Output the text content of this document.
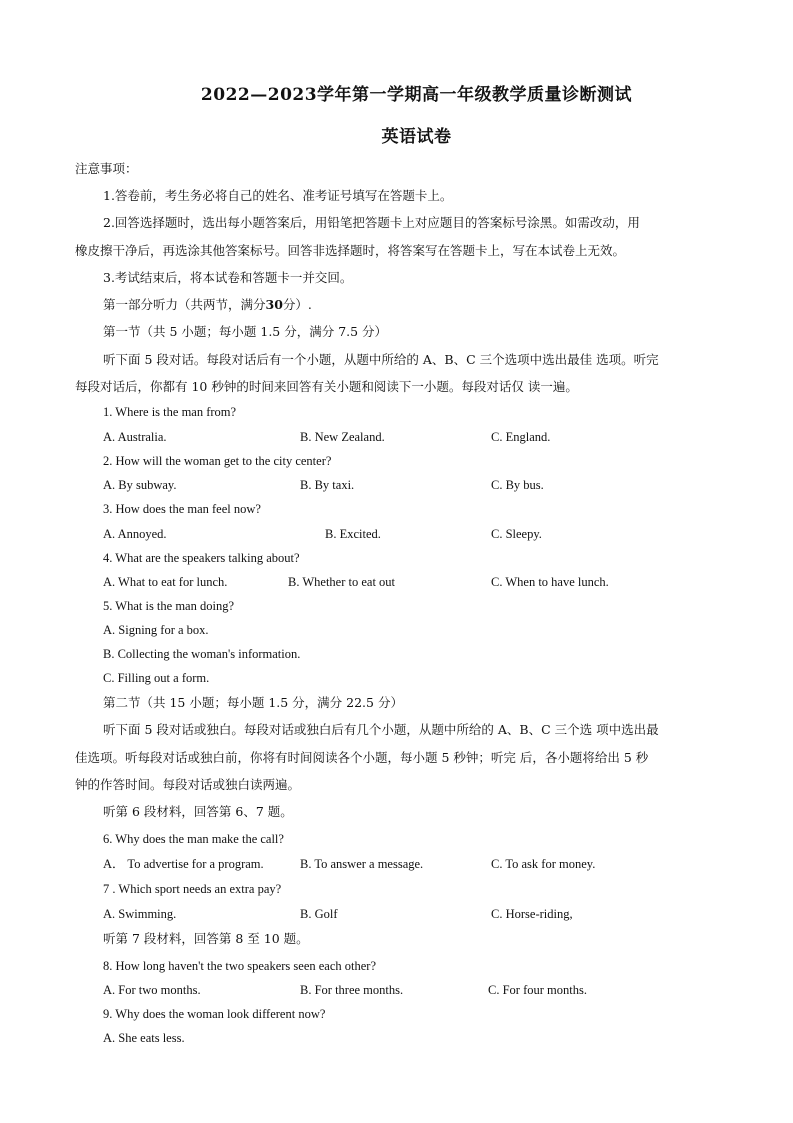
2022—2023学年第一学期高一年级教学质量诊断测试
英语试卷
注意事项：
1.答卷前，考生务必将自己的姓名、准考证号填写在答题卡上。
2.回答选择题时，选出每小题答案后，用铅笔把答题卡上对应题目的答案标号涂黑。如需改动，用
橡皮擦干净后，再选涂其他答案标号。回答非选择题时，将答案写在答题卡上，写在本试卷上无效。
3.考试结束后，将本试卷和答题卡一并交回。
第一部分听力（共两节，满分30分）.
第一节（共 5 小题；每小题 1.5 分，满分 7.5 分）
听下面 5 段对话。每段对话后有一个小题，从题中所给的 A、B、C 三个选项中选出最佳 选项。听完
每段对话后，你都有 10 秒钟的时间来回答有关小题和阅读下一小题。每段对话仅 读一遍。
1. Where is the man from?
A. Australia.	B. New Zealand.	C. England.
2. How will the woman get to the city center?
A. By subway.	B. By taxi.	C. By bus.
3. How does the man feel now?
A. Annoyed.	B. Excited.	C. Sleepy.
4. What are the speakers talking about?
A. What to eat for lunch.	B. Whether to eat out	C. When to have lunch.
5. What is the man doing?
A. Signing for a box.
B. Collecting the woman's information.
C. Filling out a form.
第二节（共 15 小题；每小题 1.5 分，满分 22.5 分）
听下面 5 段对话或独白。每段对话或独白后有几个小题，从题中所给的 A、B、C 三个选 项中选出最
佳选项。听每段对话或独白前，你将有时间阅读各个小题，每小题 5 秒钟；听完 后，各小题将给出 5 秒
钟的作答时间。每段对话或独白读两遍。
听第 6 段材料，回答第 6、7 题。
6. Why does the man make the call?
A． To advertise for a program.	B. To answer a message.	C. To ask for money.
7 . Which sport needs an extra pay?
A. Swimming.	B. Golf	C. Horse-riding,
听第 7 段材料，回答第 8 至 10 题。
8. How long haven't the two speakers seen each other?
A. For two months.	B. For three months.	C. For four months.
9. Why does the woman look different now?
A. She eats less.
